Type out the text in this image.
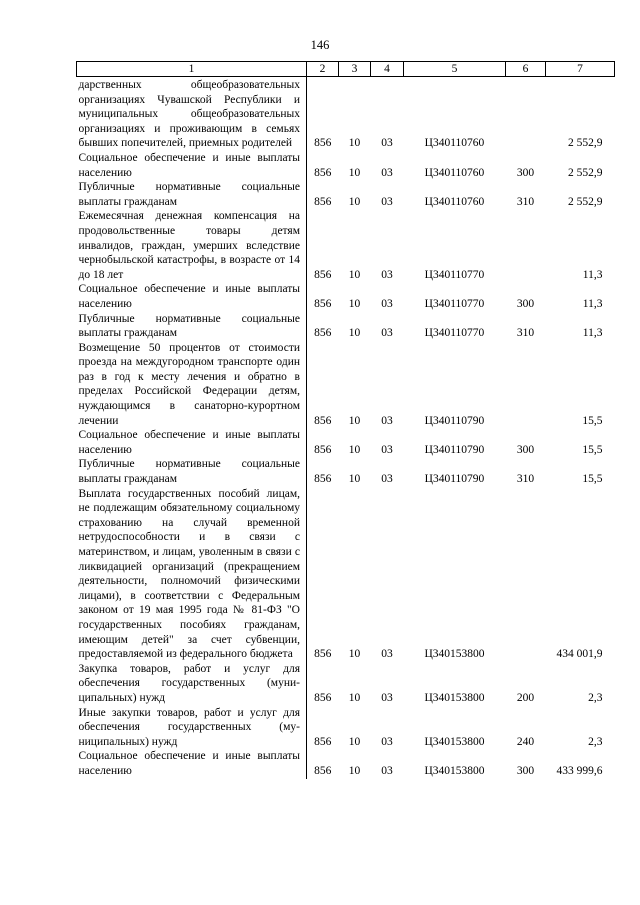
146
1	2	3	4	5	6	7
дарственных общеобразовательных организациях Чувашской Республики и муниципальных общеобразовательных организациях и проживающим в семьях бывших попечителей, приемных родителей	856	10	03	Ц340110760		2 552,9
Социальное обеспечение и иные выплаты населению	856	10	03	Ц340110760	300	2 552,9
Публичные нормативные социальные выплаты гражданам	856	10	03	Ц340110760	310	2 552,9
Ежемесячная денежная компенсация на продовольственные товары детям инвалидов, граждан, умерших вследствие чернобыльской катастрофы, в возрасте от 14 до 18 лет	856	10	03	Ц340110770		11,3
Социальное обеспечение и иные выплаты населению	856	10	03	Ц340110770	300	11,3
Публичные нормативные социальные выплаты гражданам	856	10	03	Ц340110770	310	11,3
Возмещение 50 процентов от стоимости проезда на междугородном транспорте один раз в год к месту лечения и обратно в пределах Российской Федерации детям, нуждающимся в санаторно-курортном лечении	856	10	03	Ц340110790		15,5
Социальное обеспечение и иные выплаты населению	856	10	03	Ц340110790	300	15,5
Публичные нормативные социальные выплаты гражданам	856	10	03	Ц340110790	310	15,5
Выплата государственных пособий лицам, не подлежащим обязательному социальному страхованию на случай временной нетрудоспособности и в связи с материнством, и лицам, уволенным в связи с ликвидацией организаций (прекращением деятельности, полномочий физическими лицами), в соответствии с Федеральным законом от 19 мая 1995 года № 81-ФЗ "О государственных пособиях гражданам, имеющим детей" за счет субвенции, предоставляемой из федерального бюджета	856	10	03	Ц340153800		434 001,9
Закупка товаров, работ и услуг для обеспечения государственных (муниципальных) нужд	856	10	03	Ц340153800	200	2,3
Иные закупки товаров, работ и услуг для обеспечения государственных (муниципальных) нужд	856	10	03	Ц340153800	240	2,3
Социальное обеспечение и иные выплаты населению	856	10	03	Ц340153800	300	433 999,6
